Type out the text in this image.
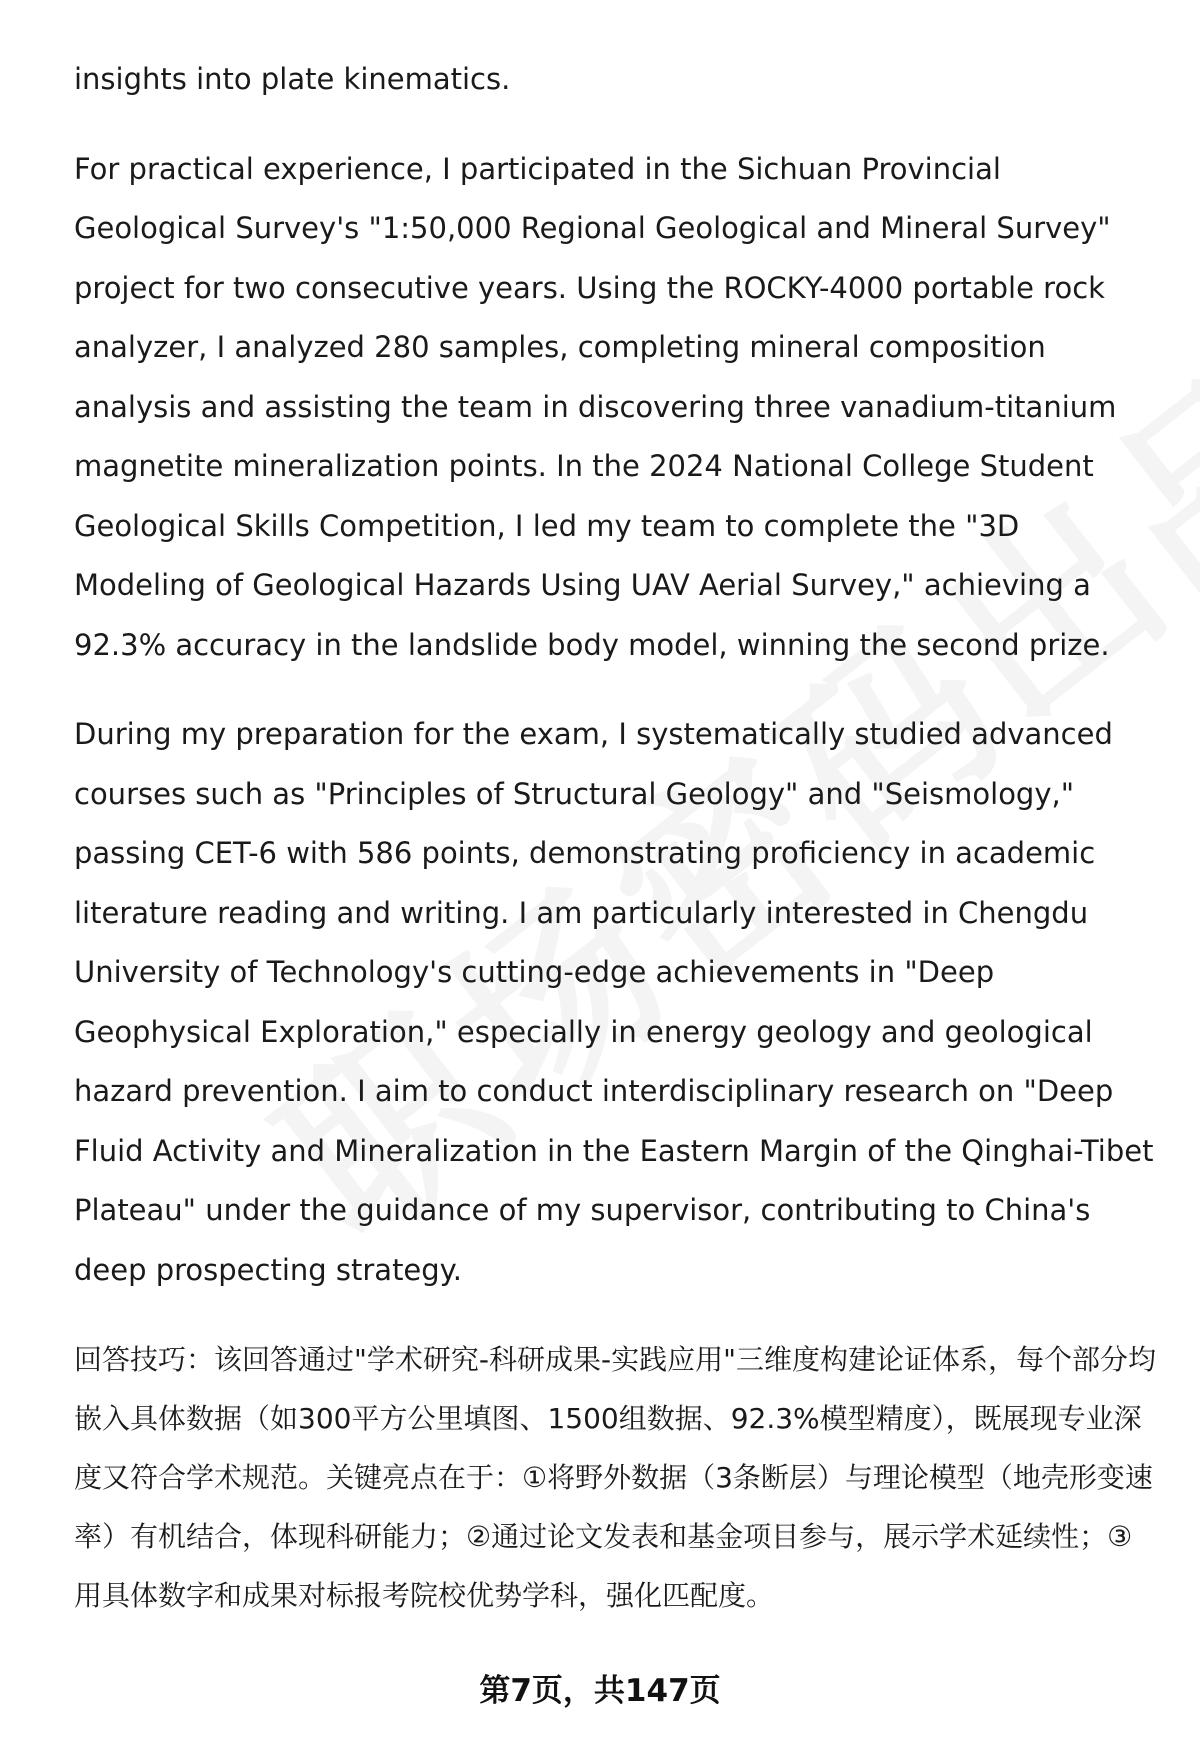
insights into plate kinematics.

For practical experience, I participated in the Sichuan Provincial Geological Survey's "1:50,000 Regional Geological and Mineral Survey" project for two consecutive years. Using the ROCKY-4000 portable rock analyzer, I analyzed 280 samples, completing mineral composition analysis and assisting the team in discovering three vanadium-titanium magnetite mineralization points. In the 2024 National College Student Geological Skills Competition, I led my team to complete the "3D Modeling of Geological Hazards Using UAV Aerial Survey," achieving a 92.3% accuracy in the landslide body model, winning the second prize.

During my preparation for the exam, I systematically studied advanced courses such as "Principles of Structural Geology" and "Seismology," passing CET-6 with 586 points, demonstrating proficiency in academic literature reading and writing. I am particularly interested in Chengdu University of Technology's cutting-edge achievements in "Deep Geophysical Exploration," especially in energy geology and geological hazard prevention. I aim to conduct interdisciplinary research on "Deep Fluid Activity and Mineralization in the Eastern Margin of the Qinghai-Tibet Plateau" under the guidance of my supervisor, contributing to China's deep prospecting strategy.

回答技巧：该回答通过"学术研究-科研成果-实践应用"三维度构建论证体系，每个部分均嵌入具体数据（如300平方公里填图、1500组数据、92.3%模型精度），既展现专业深度又符合学术规范。关键亮点在于：①将野外数据（3条断层）与理论模型（地壳形变速率）有机结合，体现科研能力；②通过论文发表和基金项目参与，展示学术延续性；③用具体数字和成果对标报考院校优势学科，强化匹配度。

第7页，共147页
